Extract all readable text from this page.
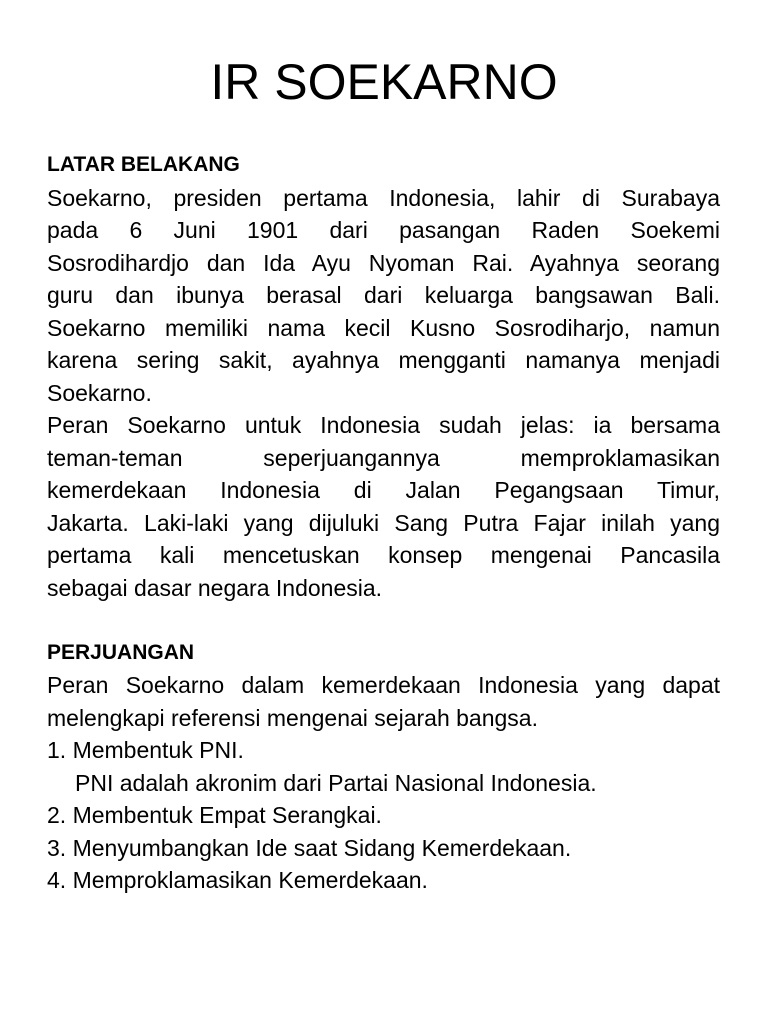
IR SOEKARNO
LATAR BELAKANG
Soekarno, presiden pertama Indonesia, lahir di Surabaya
pada 6 Juni 1901 dari pasangan Raden Soekemi
Sosrodihardjo dan Ida Ayu Nyoman Rai. Ayahnya seorang
guru dan ibunya berasal dari keluarga bangsawan Bali.
Soekarno memiliki nama kecil Kusno Sosrodiharjo, namun
karena sering sakit, ayahnya mengganti namanya menjadi
Soekarno.
Peran Soekarno untuk Indonesia sudah jelas: ia bersama
teman-teman seperjuangannya memproklamasikan
kemerdekaan Indonesia di Jalan Pegangsaan Timur,
Jakarta. Laki-laki yang dijuluki Sang Putra Fajar inilah yang
pertama kali mencetuskan konsep mengenai Pancasila
sebagai dasar negara Indonesia.
PERJUANGAN
Peran Soekarno dalam kemerdekaan Indonesia yang dapat
melengkapi referensi mengenai sejarah bangsa.
1. Membentuk PNI.
PNI adalah akronim dari Partai Nasional Indonesia.
2. Membentuk Empat Serangkai.
3. Menyumbangkan Ide saat Sidang Kemerdekaan.
4. Memproklamasikan Kemerdekaan.
